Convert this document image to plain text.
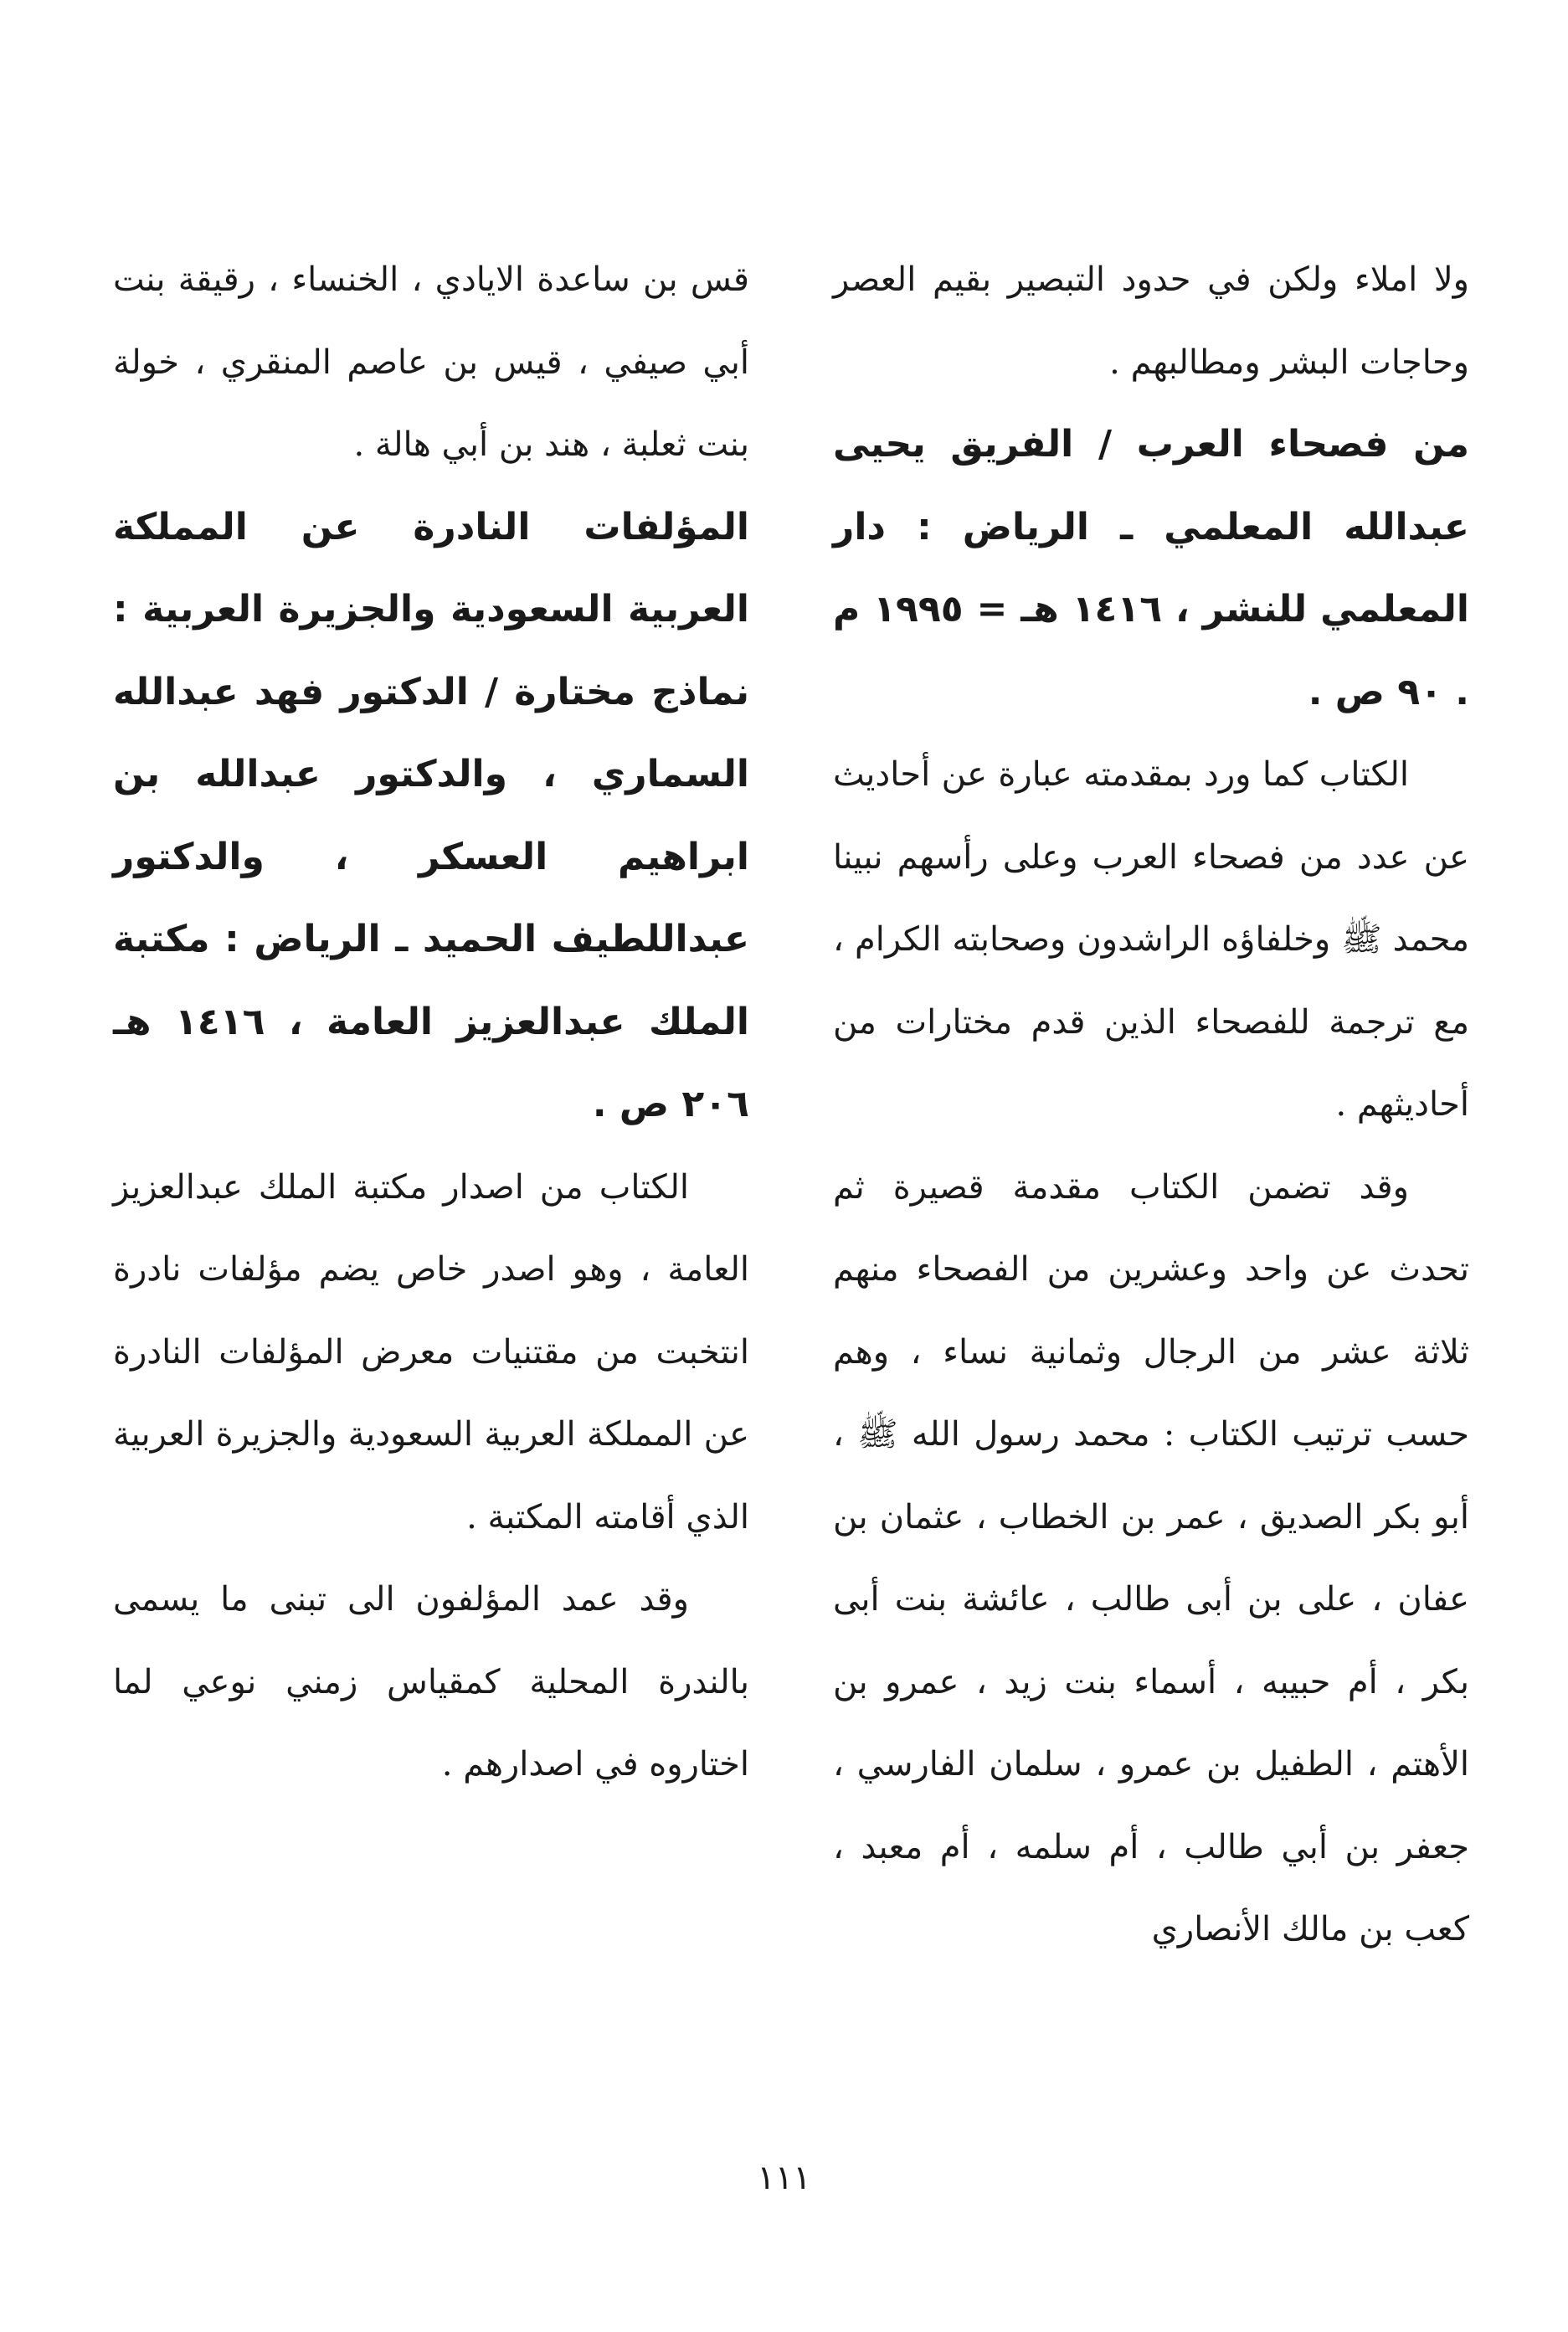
ولا املاء ولكن في حدود التبصير بقيم العصر وحاجات البشر ومطالبهم .

من فصحاء العرب / الفريق يحيى عبدالله المعلمي ـ الرياض : دار المعلمي للنشر ، ١٤١٦ هـ = ١٩٩٥ م . ٩٠ ص .

الكتاب كما ورد بمقدمته عبارة عن أحاديث عن عدد من فصحاء العرب وعلى رأسهم نبينا محمد ﷺ وخلفاؤه الراشدون وصحابته الكرام ، مع ترجمة للفصحاء الذين قدم مختارات من أحاديثهم .

وقد تضمن الكتاب مقدمة قصيرة ثم تحدث عن واحد وعشرين من الفصحاء منهم ثلاثة عشر من الرجال وثمانية نساء ، وهم حسب ترتيب الكتاب : محمد رسول الله ﷺ ، أبو بكر الصديق ، عمر بن الخطاب ، عثمان بن عفان ، على بن أبى طالب ، عائشة بنت أبى بكر ، أم حبيبه ، أسماء بنت زيد ، عمرو بن الأهتم ، الطفيل بن عمرو ، سلمان الفارسي ، جعفر بن أبي طالب ، أم سلمه ، أم معبد ، كعب بن مالك الأنصاري

قس بن ساعدة الايادي ، الخنساء ، رقيقة بنت أبي صيفي ، قيس بن عاصم المنقري ، خولة بنت ثعلبة ، هند بن أبي هالة .

المؤلفات النادرة عن المملكة العربية السعودية والجزيرة العربية : نماذج مختارة / الدكتور فهد عبدالله السماري ، والدكتور عبدالله بن ابراهيم العسكر ، والدكتور عبداللطيف الحميد ـ الرياض : مكتبة الملك عبدالعزيز العامة ، ١٤١٦ هـ ٢٠٦ ص .

الكتاب من اصدار مكتبة الملك عبدالعزيز العامة ، وهو اصدر خاص يضم مؤلفات نادرة انتخبت من مقتنيات معرض المؤلفات النادرة عن المملكة العربية السعودية والجزيرة العربية الذي أقامته المكتبة .

وقد عمد المؤلفون الى تبنى ما يسمى بالندرة المحلية كمقياس زمني نوعي لما اختاروه في اصدارهم .

١١١
